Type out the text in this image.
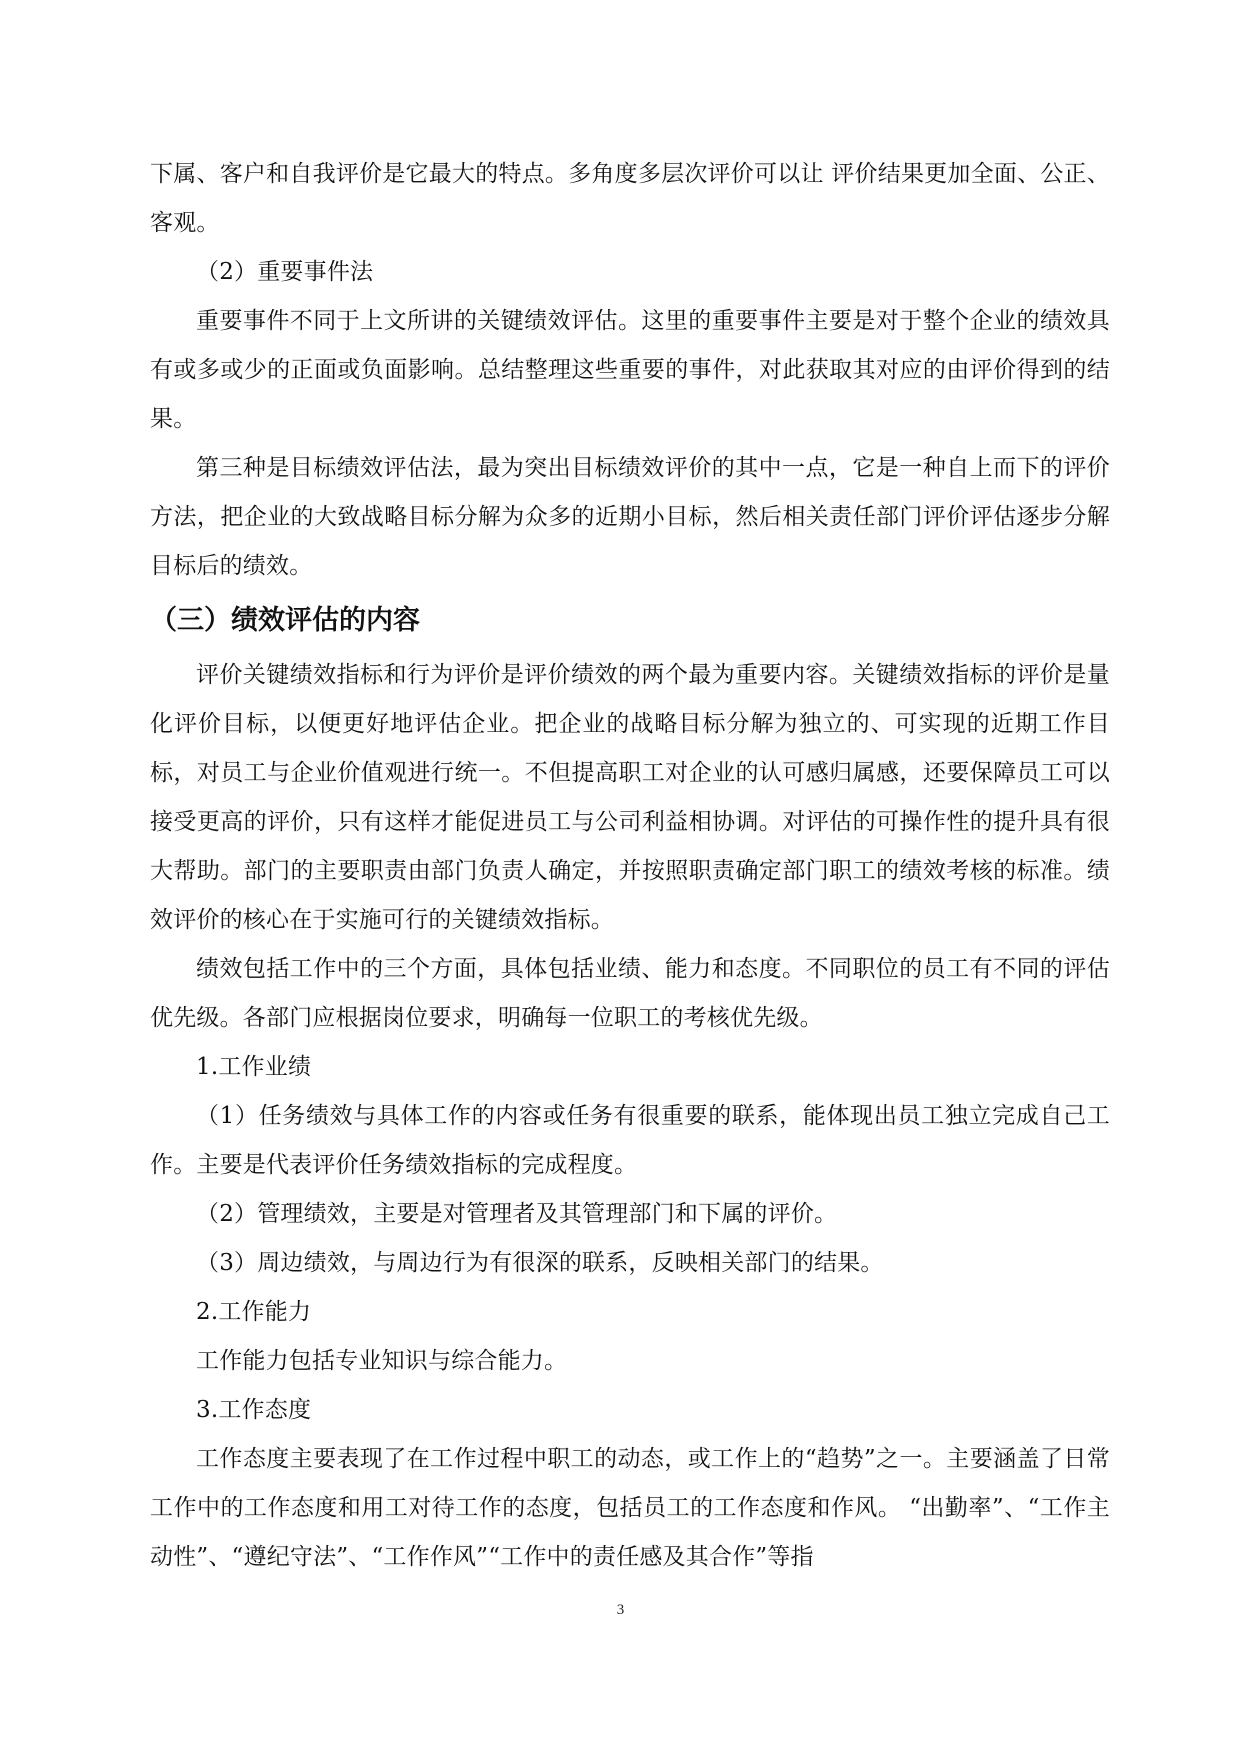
下属、客户和自我评价是它最大的特点。多角度多层次评价可以让 评价结果更加全面、公正、客观。

（2）重要事件法

重要事件不同于上文所讲的关键绩效评估。这里的重要事件主要是对于整个企业的绩效具有或多或少的正面或负面影响。总结整理这些重要的事件，对此获取其对应的由评价得到的结果。

第三种是目标绩效评估法，最为突出目标绩效评价的其中一点，它是一种自上而下的评价方法，把企业的大致战略目标分解为众多的近期小目标，然后相关责任部门评价评估逐步分解目标后的绩效。

（三）绩效评估的内容

评价关键绩效指标和行为评价是评价绩效的两个最为重要内容。关键绩效指标的评价是量化评价目标，以便更好地评估企业。把企业的战略目标分解为独立的、可实现的近期工作目标，对员工与企业价值观进行统一。不但提高职工对企业的认可感归属感，还要保障员工可以接受更高的评价，只有这样才能促进员工与公司利益相协调。对评估的可操作性的提升具有很大帮助。部门的主要职责由部门负责人确定，并按照职责确定部门职工的绩效考核的标准。绩效评价的核心在于实施可行的关键绩效指标。

绩效包括工作中的三个方面，具体包括业绩、能力和态度。不同职位的员工有不同的评估优先级。各部门应根据岗位要求，明确每一位职工的考核优先级。

1.工作业绩

（1）任务绩效与具体工作的内容或任务有很重要的联系，能体现出员工独立完成自己工作。主要是代表评价任务绩效指标的完成程度。

（2）管理绩效，主要是对管理者及其管理部门和下属的评价。

（3）周边绩效，与周边行为有很深的联系，反映相关部门的结果。

2.工作能力

工作能力包括专业知识与综合能力。

3.工作态度

工作态度主要表现了在工作过程中职工的动态，或工作上的“趋势”之一。主要涵盖了日常工作中的工作态度和用工对待工作的态度，包括员工的工作态度和作风。 “出勤率”、“工作主动性”、“遵纪守法”、“工作作风”“工作中的责任感及其合作”等指

3
